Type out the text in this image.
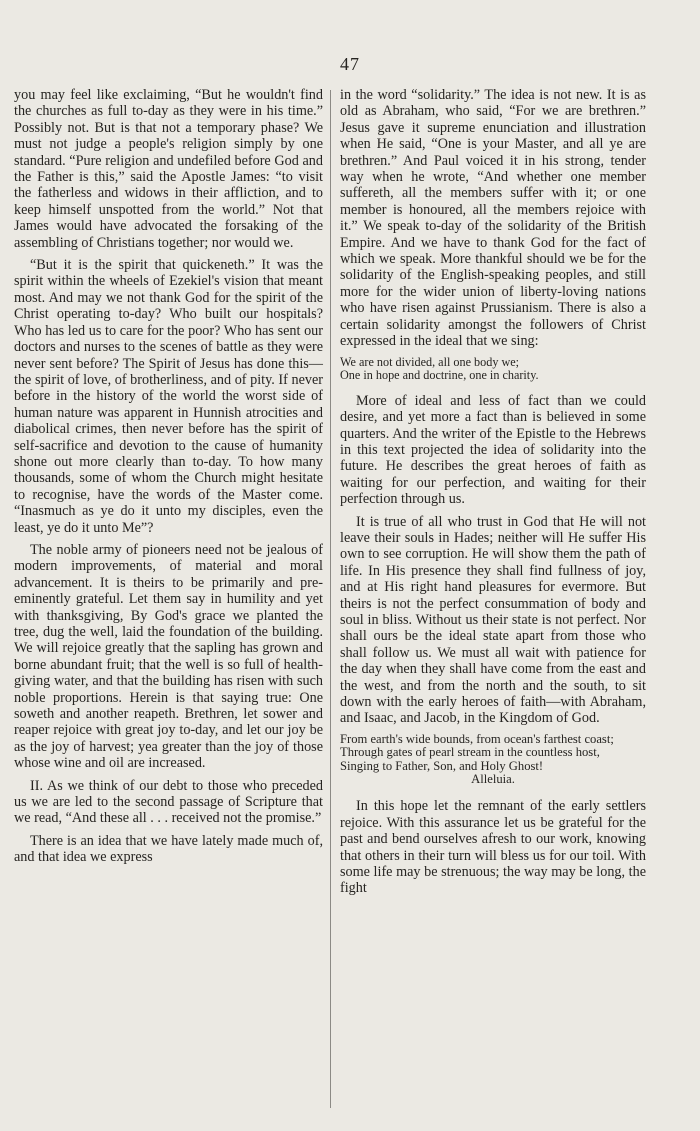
47

you may feel like exclaiming, “But he wouldn't find the churches as full to-day as they were in his time.” Possibly not. But is that not a temporary phase? We must not judge a people's religion simply by one standard. “Pure religion and undefiled before God and the Father is this,” said the Apostle James: “to visit the fatherless and widows in their affliction, and to keep himself unspotted from the world.” Not that James would have advocated the forsaking of the assembling of Christians together; nor would we.

“But it is the spirit that quickeneth.” It was the spirit within the wheels of Ezekiel's vision that meant most. And may we not thank God for the spirit of the Christ operating to-day? Who built our hospitals? Who has led us to care for the poor? Who has sent our doctors and nurses to the scenes of battle as they were never sent before? The Spirit of Jesus has done this—the spirit of love, of brotherliness, and of pity. If never before in the history of the world the worst side of human nature was apparent in Hunnish atrocities and diabolical crimes, then never before has the spirit of self-sacrifice and devotion to the cause of humanity shone out more clearly than to-day. To how many thousands, some of whom the Church might hesitate to recognise, have the words of the Master come. “Inasmuch as ye do it unto my disciples, even the least, ye do it unto Me”?

The noble army of pioneers need not be jealous of modern improvements, of material and moral advancement. It is theirs to be primarily and pre-eminently grateful. Let them say in humility and yet with thanksgiving, By God's grace we planted the tree, dug the well, laid the foundation of the building. We will rejoice greatly that the sapling has grown and borne abundant fruit; that the well is so full of health-giving water, and that the building has risen with such noble proportions. Herein is that saying true: One soweth and another reapeth. Brethren, let sower and reaper rejoice with great joy to-day, and let our joy be as the joy of harvest; yea greater than the joy of those whose wine and oil are increased.

II. As we think of our debt to those who preceded us we are led to the second passage of Scripture that we read, “And these all . . . received not the promise.”

There is an idea that we have lately made much of, and that idea we express

in the word “solidarity.” The idea is not new. It is as old as Abraham, who said, “For we are brethren.” Jesus gave it supreme enunciation and illustration when He said, “One is your Master, and all ye are brethren.” And Paul voiced it in his strong, tender way when he wrote, “And whether one member suffereth, all the members suffer with it; or one member is honoured, all the members rejoice with it.” We speak to-day of the solidarity of the British Empire. And we have to thank God for the fact of which we speak. More thankful should we be for the solidarity of the English-speaking peoples, and still more for the wider union of liberty-loving nations who have risen against Prussianism. There is also a certain solidarity amongst the followers of Christ expressed in the ideal that we sing:

We are not divided, all one body we;
One in hope and doctrine, one in charity.

More of ideal and less of fact than we could desire, and yet more a fact than is believed in some quarters. And the writer of the Epistle to the Hebrews in this text projected the idea of solidarity into the future. He describes the great heroes of faith as waiting for our perfection, and waiting for their perfection through us.

It is true of all who trust in God that He will not leave their souls in Hades; neither will He suffer His own to see corruption. He will show them the path of life. In His presence they shall find fullness of joy, and at His right hand pleasures for evermore. But theirs is not the perfect consummation of body and soul in bliss. Without us their state is not perfect. Nor shall ours be the ideal state apart from those who shall follow us. We must all wait with patience for the day when they shall have come from the east and the west, and from the north and the south, to sit down with the early heroes of faith—with Abraham, and Isaac, and Jacob, in the Kingdom of God.

From earth's wide bounds, from ocean's farthest coast;
Through gates of pearl stream in the countless host,
Singing to Father, Son, and Holy Ghost!
Alleluia.

In this hope let the remnant of the early settlers rejoice. With this assurance let us be grateful for the past and bend ourselves afresh to our work, knowing that others in their turn will bless us for our toil. With some life may be strenuous; the way may be long, the fight
